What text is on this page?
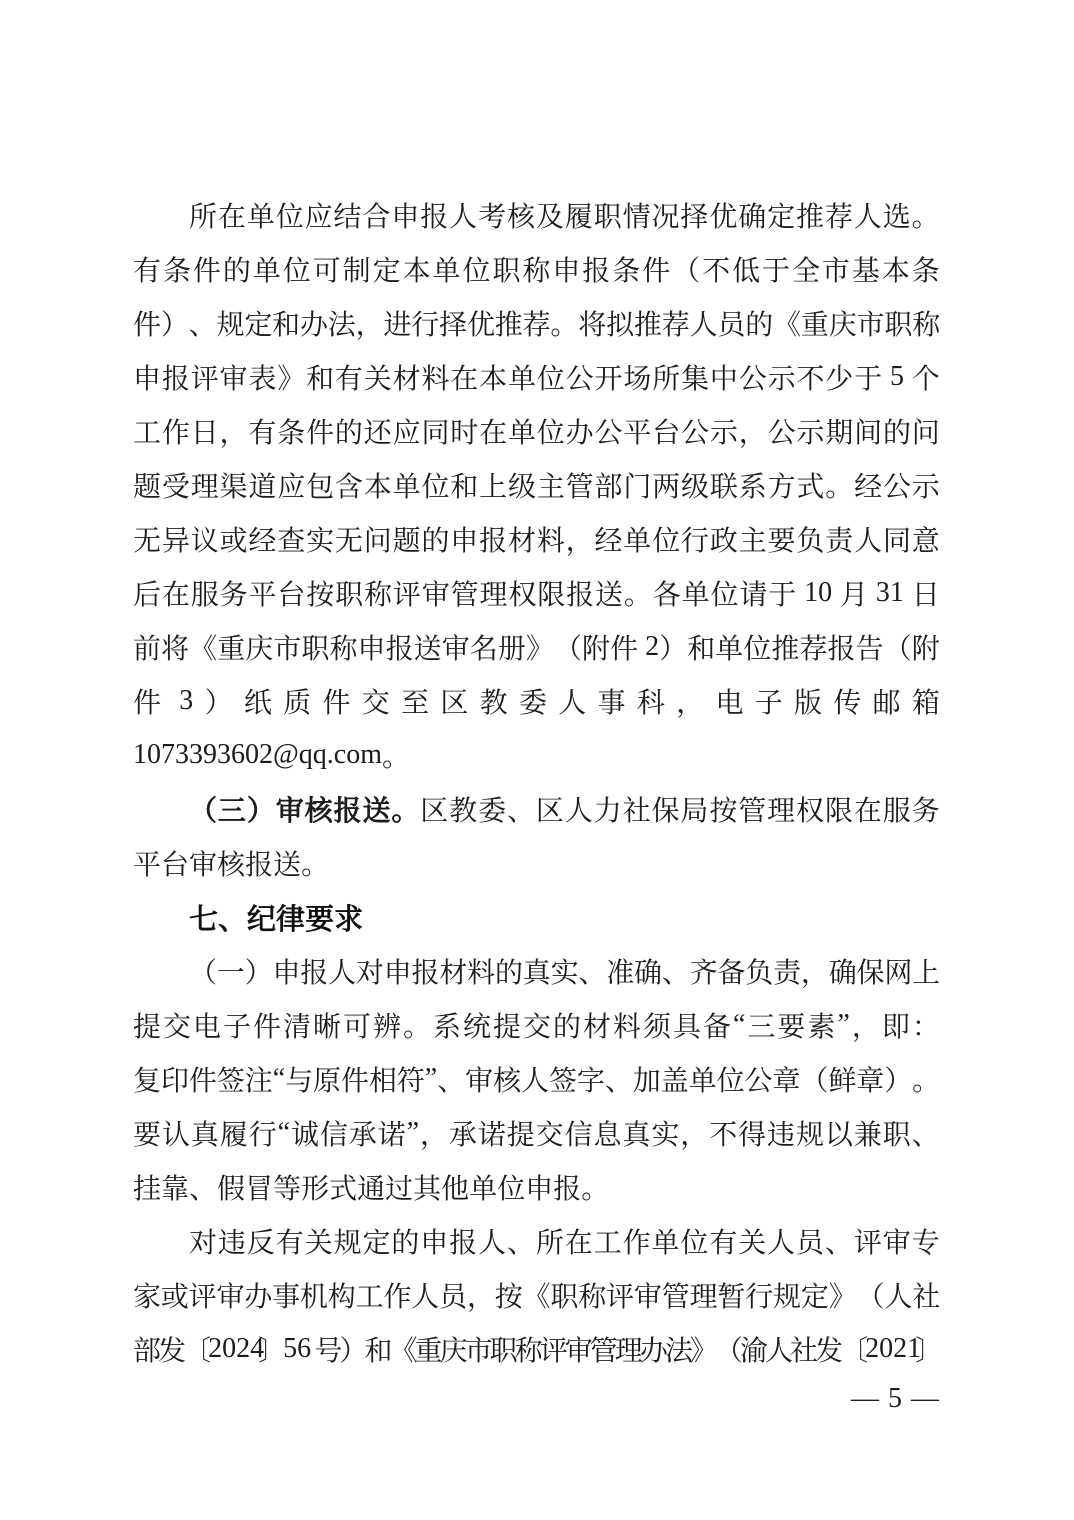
所 在 单 位 应 结 合 申 报 人 考 核 及 履 职 情 况 择 优 确 定 推 荐 人 选 。
有 条 件 的 单 位 可 制 定 本 单 位 职 称 申 报 条 件 （ 不 低 于 全 市 基 本 条
件 ） 、 规 定 和 办 法 ， 进 行 择 优 推 荐 。 将 拟 推 荐 人 员 的 《 重 庆 市 职 称
申 报 评 审 表 》 和 有 关 材 料 在 本 单 位 公 开 场 所 集 中 公 示 不 少 于 5 个
工 作 日 ， 有 条 件 的 还 应 同 时 在 单 位 办 公 平 台 公 示 ， 公 示 期 间 的 问
题 受 理 渠 道 应 包 含 本 单 位 和 上 级 主 管 部 门 两 级 联 系 方 式 。 经 公 示
无 异 议 或 经 查 实 无 问 题 的 申 报 材 料 ， 经 单 位 行 政 主 要 负 责 人 同 意
后 在 服 务 平 台 按 职 称 评 审 管 理 权 限 报 送 。 各 单 位 请 于 10 月 31 日
前 将 《 重 庆 市 职 称 申 报 送 审 名 册 》 （ 附 件 2 ） 和 单 位 推 荐 报 告 （ 附
件 3 ） 纸 质 件 交 至 区 教 委 人 事 科 ， 电 子 版 传 邮 箱
1073393602@qq.com 。
（ 三 ） 审 核 报 送 。 区 教 委 、 区 人 力 社 保 局 按 管 理 权 限 在 服 务
平 台 审 核 报 送 。
七 、 纪 律 要 求
（ 一 ） 申 报 人 对 申 报 材 料 的 真 实 、 准 确 、 齐 备 负 责 ， 确 保 网 上
提 交 电 子 件 清 晰 可 辨 。 系 统 提 交 的 材 料 须 具 备 “ 三 要 素 ” ， 即 ：
复 印 件 签 注 “ 与 原 件 相 符 ” 、 审 核 人 签 字 、 加 盖 单 位 公 章 （ 鲜 章 ） 。
要 认 真 履 行 “ 诚 信 承 诺 ” ， 承 诺 提 交 信 息 真 实 ， 不 得 违 规 以 兼 职 、
挂 靠 、 假 冒 等 形 式 通 过 其 他 单 位 申 报 。
对 违 反 有 关 规 定 的 申 报 人 、 所 在 工 作 单 位 有 关 人 员 、 评 审 专
家 或 评 审 办 事 机 构 工 作 人 员 ， 按 《 职 称 评 审 管 理 暂 行 规 定 》 （ 人 社
部
发
〔
2024
〕
56
号
）
和
《
重
庆
市
职
称
评
审
管
理
办
法
》
（
渝
人
社
发
〔
2021
〕
— 5 —
